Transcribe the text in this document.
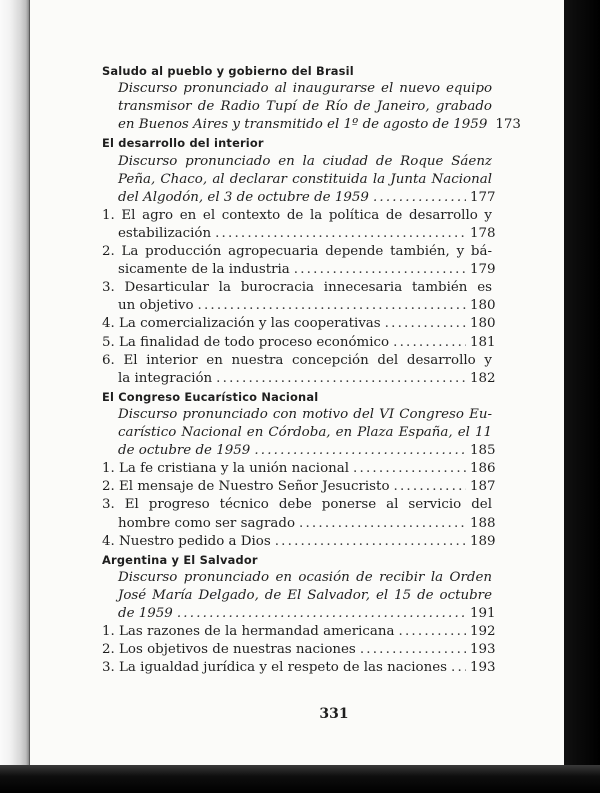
Saludo al pueblo y gobierno del Brasil
Discurso pronunciado al inaugurarse el nuevo equipo
transmisor de Radio Tupí de Río de Janeiro, grabado
en Buenos Aires y transmitido el 1º de agosto de 1959 173
El desarrollo del interior
Discurso pronunciado en la ciudad de Roque Sáenz
Peña, Chaco, al declarar constituida la Junta Nacional
del Algodón, el 3 de octubre de 1959 .....	177
1. El agro en el contexto de la política de desarrollo y
estabilización .....	178
2. La producción agropecuaria depende también, y bá-
sicamente de la industria .....	179
3. Desarticular la burocracia innecesaria también es
un objetivo .....	180
4. La comercialización y las cooperativas .....	180
5. La finalidad de todo proceso económico .....	181
6. El interior en nuestra concepción del desarrollo y
la integración .....	182
El Congreso Eucarístico Nacional
Discurso pronunciado con motivo del VI Congreso Eu-
carístico Nacional en Córdoba, en Plaza España, el 11
de octubre de 1959 .....	185
1. La fe cristiana y la unión nacional .....	186
2. El mensaje de Nuestro Señor Jesucristo .....	187
3. El progreso técnico debe ponerse al servicio del
hombre como ser sagrado .....	188
4. Nuestro pedido a Dios .....	189
Argentina y El Salvador
Discurso pronunciado en ocasión de recibir la Orden
José María Delgado, de El Salvador, el 15 de octubre
de 1959 .....	191
1. Las razones de la hermandad americana .....	192
2. Los objetivos de nuestras naciones .....	193
3. La igualdad jurídica y el respeto de las naciones ..... 193
331
